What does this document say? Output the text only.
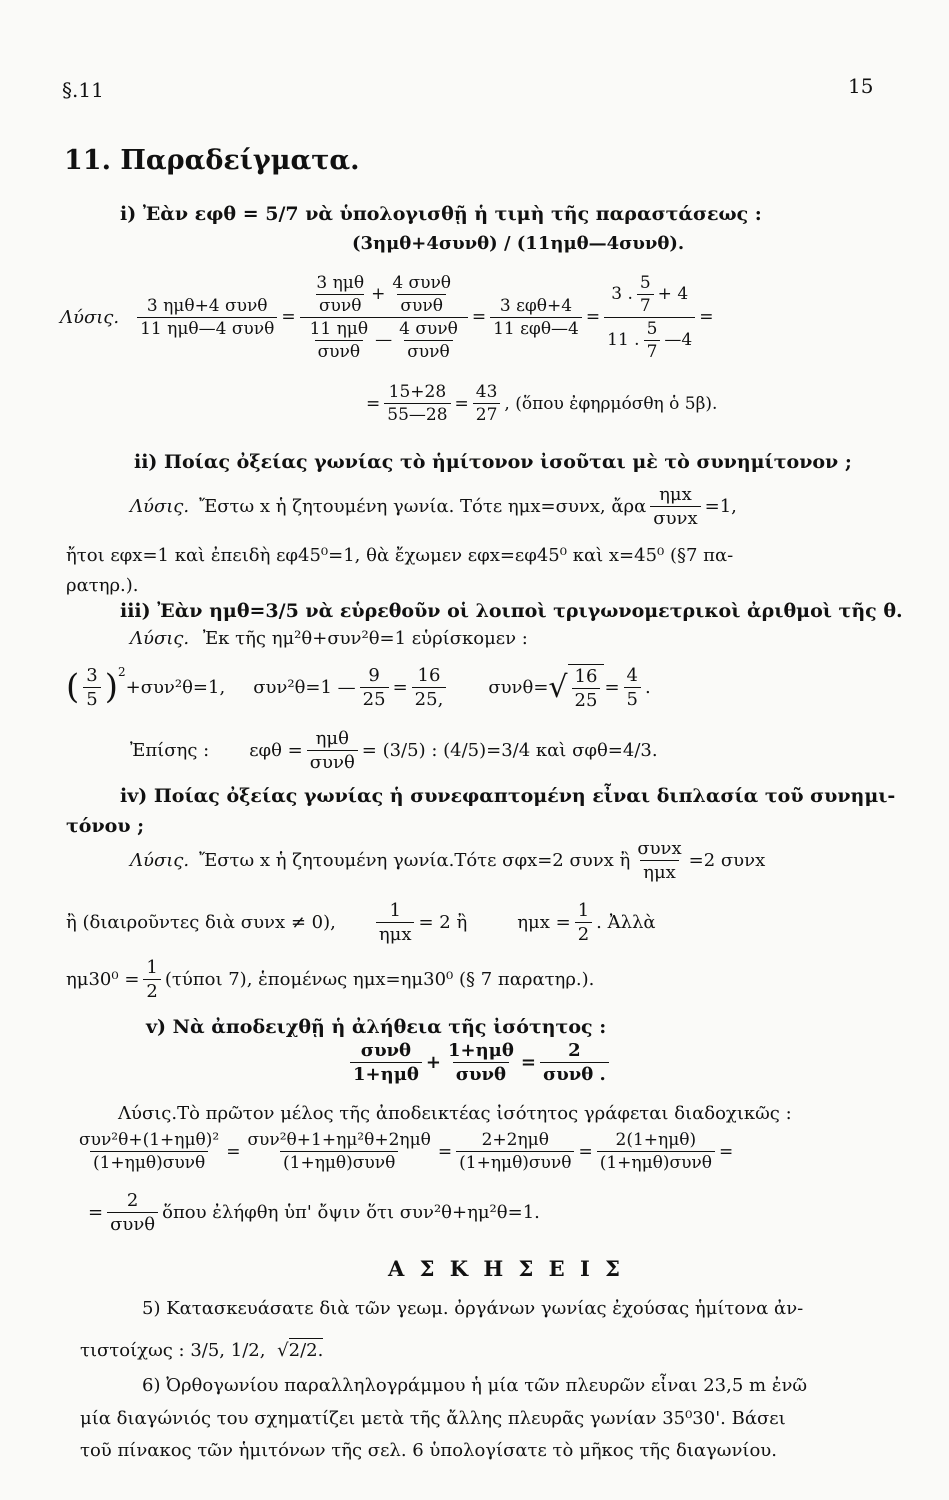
§.11	15
11. Παραδείγματα.
i) Ἐὰν εφθ = 5/7 νὰ ὑπολογισθῇ ἡ τιμὴ τῆς παραστάσεως :
(3ημθ+4συνθ) / (11ημθ—4συνθ).
Λύσις. $\frac{\text{3 ημθ+4 συνθ}}{\text{11 ημθ—4 συνθ}} = \frac{\frac{\text{3 ημθ}}{\text{συνθ}} + \frac{\text{4 συνθ}}{\text{συνθ}}}{\frac{\text{11 ημθ}}{\text{συνθ}} — \frac{\text{4 συνθ}}{\text{συνθ}}} = \frac{\text{3 εφθ+4}}{\text{11 εφθ—4}} = \frac{3 . \frac{5}{7} + 4}{11 . \frac{5}{7} —4}$ =
= $\frac{15+28}{55—28} = \frac{43}{27}$ , (ὅπου ἐφηρμόσθη ὁ 5β).
ii) Ποίας ὀξείας γωνίας τὸ ἡμίτονον ἰσοῦται μὲ τὸ συνημίτονον ;
Λύσις. Ἔστω x ἡ ζητουμένη γωνία. Τότε ημx=συνx, ἄρα $\frac{\text{ημx}}{\text{συνx}} =1$,
ἤτοι εφx=1 καὶ ἐπειδὴ εφ45⁰=1, θὰ ἔχωμεν εφx=εφ45⁰ καὶ x=45⁰ (§7 πα-
ρατηρ.).
iii) Ἐὰν ημθ=3/5 νὰ εὑρεθοῦν οἱ λοιποὶ τριγωνομετρικοὶ ἀριθμοὶ τῆς θ.
Λύσις. Ἐκ τῆς ημ²θ+συν²θ=1 εὑρίσκομεν :
( $\frac{3}{5} )^2$
+συν²θ=1, συν²θ=1 — $\frac{9}{25} = \frac{16}{25,} \sigma\upsilon\nu\theta=$ √ $\frac{16}{25} = \frac{4}{5}$ .
Ἐπίσης : $\varepsilon\varphi\theta = \frac{\text{ημθ}}{\text{συνθ}} = (3/5)$ : (4/5)=3/4 καὶ σφθ=4/3.
iv) Ποίας ὀξείας γωνίας ἡ συνεφαπτομένη εἶναι διπλασία τοῦ συνημι-
τόνου ;
Λύσις. Ἔστω x ἡ ζητουμένη γωνία.Τότε σφx=2 συνx ἢ $\frac{\text{συνx}}{\text{ημx}} =2$ συνx
ἢ (διαιροῦντες διὰ συνx ≠ 0), $\frac{1}{\text{ημx}} = 2$ ἢ	$\eta\mu x = \frac{1}{2}$ . Ἀλλὰ
$\eta\mu 30^0 = \frac{1}{2} (\tau ύ\pi o\iota$ 7), ἑπομένως ημx=ημ30⁰ (§ 7 παρατηρ.).
v) Νὰ ἀποδειχθῇ ἡ ἀλήθεια τῆς ἰσότητος :
$\frac{\text{συνθ}}{\text{1+ημθ}} + \frac{\text{1+ημθ}}{\text{συνθ}} = \frac{2}{\text{συνθ .}}$
Λύσις.Τὸ πρῶτον μέλος τῆς ἀποδεικτέας ἰσότητος γράφεται διαδοχικῶς :
$\frac{\text{συν²θ+(1+ημθ)²}}{\text{(1+ημθ)συνθ}} = \frac{\text{συν²θ+1+ημ²θ+2ημθ}}{\text{(1+ημθ)συνθ}} = \frac{\text{2+2ημθ}}{\text{(1+ημθ)συνθ}} = \frac{\text{2(1+ημθ)}}{\text{(1+ημθ)συνθ}}$ =
= $\frac{2}{\text{συνθ}}$ ὅπου ἐλήφθη ὑπ' ὄψιν ὅτι συν²θ+ημ²θ=1.
Α Σ Κ Η Σ Ε Ι Σ
5) Κατασκευάσατε διὰ τῶν γεωμ. ὀργάνων γωνίας ἐχούσας ἡμίτονα ἀν-
τιστοίχως : 3/5, 1/2, √2/2.
6) Ὀρθογωνίου παραλληλογράμμου ἡ μία τῶν πλευρῶν εἶναι 23,5 m ἐνῶ
μία διαγώνιός του σχηματίζει μετὰ τῆς ἄλλης πλευρᾶς γωνίαν 35⁰30'. Βάσει
τοῦ πίνακος τῶν ἡμιτόνων τῆς σελ. 6 ὑπολογίσατε τὸ μῆκος τῆς διαγωνίου.
